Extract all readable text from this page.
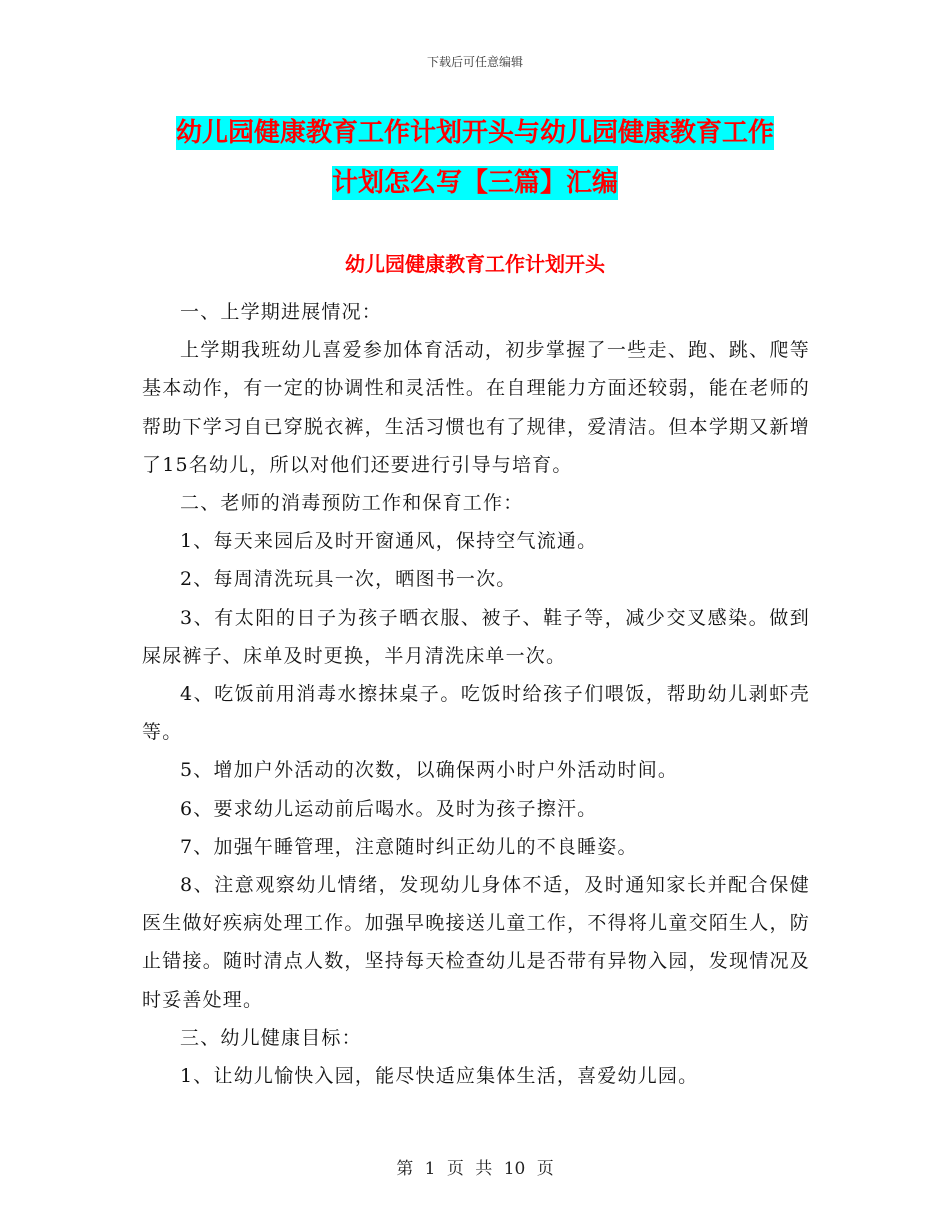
下载后可任意编辑
幼儿园健康教育工作计划开头与幼儿园健康教育工作
计划怎么写【三篇】汇编
幼儿园健康教育工作计划开头

一、上学期进展情况：

上学期我班幼儿喜爱参加体育活动，初步掌握了一些走、跑、跳、爬等基本动作，有一定的协调性和灵活性。在自理能力方面还较弱，能在老师的帮助下学习自已穿脱衣裤，生活习惯也有了规律，爱清洁。但本学期又新增了15名幼儿，所以对他们还要进行引导与培育。

二、老师的消毒预防工作和保育工作：

1、每天来园后及时开窗通风，保持空气流通。

2、每周清洗玩具一次，晒图书一次。

3、有太阳的日子为孩子晒衣服、被子、鞋子等，减少交叉感染。做到屎尿裤子、床单及时更换，半月清洗床单一次。

4、吃饭前用消毒水擦抹桌子。吃饭时给孩子们喂饭，帮助幼儿剥虾壳等。

5、增加户外活动的次数，以确保两小时户外活动时间。

6、要求幼儿运动前后喝水。及时为孩子擦汗。

7、加强午睡管理，注意随时纠正幼儿的不良睡姿。

8、注意观察幼儿情绪，发现幼儿身体不适，及时通知家长并配合保健医生做好疾病处理工作。加强早晚接送儿童工作，不得将儿童交陌生人，防止错接。随时清点人数，坚持每天检查幼儿是否带有异物入园，发现情况及时妥善处理。

三、幼儿健康目标：

1、让幼儿愉快入园，能尽快适应集体生活，喜爱幼儿园。

第 1 页 共 10 页
